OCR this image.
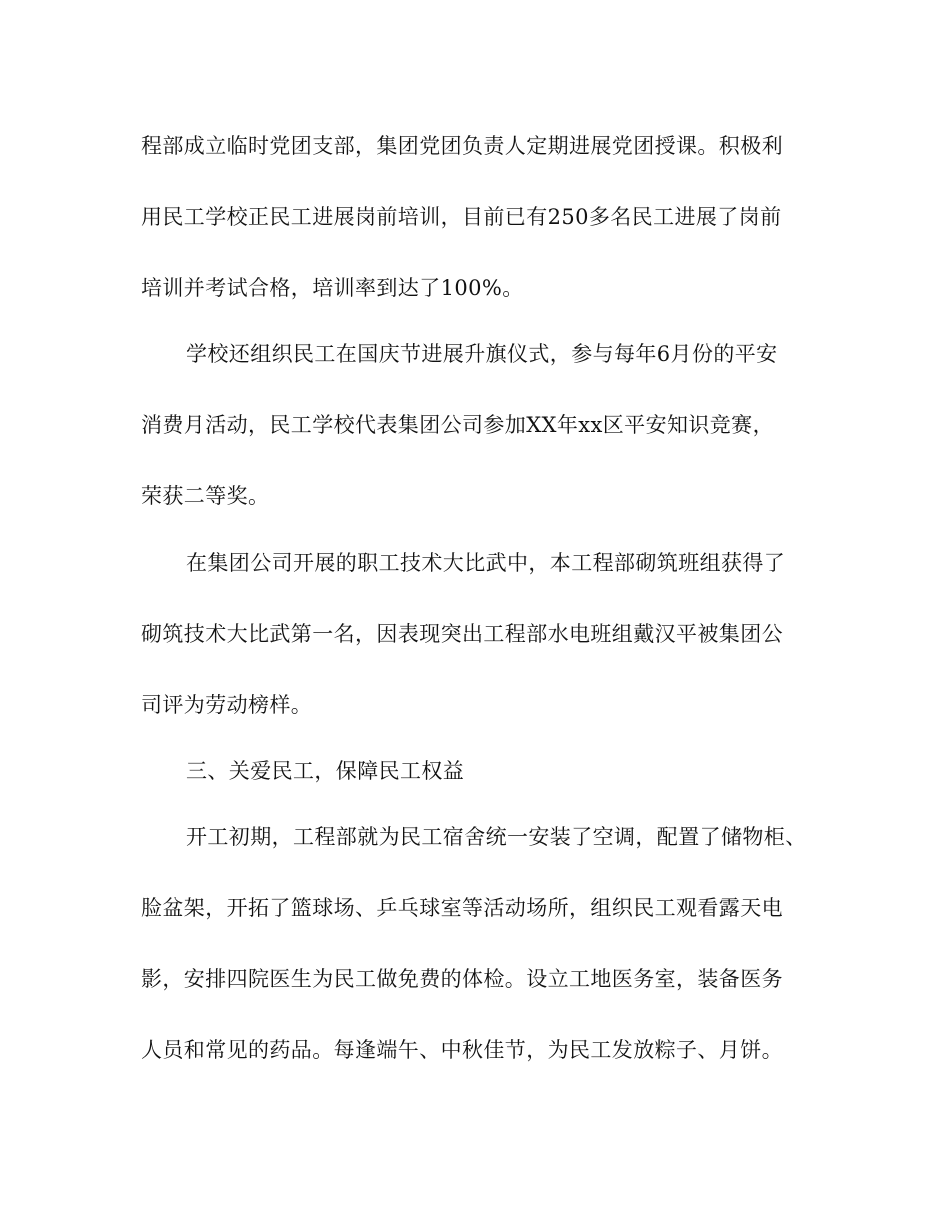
程部成立临时党团支部，集团党团负责人定期进展党团授课。积极利
用民工学校正民工进展岗前培训，目前已有250多名民工进展了岗前
培训并考试合格，培训率到达了100%。
学校还组织民工在国庆节进展升旗仪式，参与每年6月份的平安
消费月活动，民工学校代表集团公司参加XX年xx区平安知识竞赛，
荣获二等奖。
在集团公司开展的职工技术大比武中，本工程部砌筑班组获得了
砌筑技术大比武第一名，因表现突出工程部水电班组戴汉平被集团公
司评为劳动榜样。
三、关爱民工，保障民工权益
开工初期，工程部就为民工宿舍统一安装了空调，配置了储物柜、
脸盆架，开拓了篮球场、乒乓球室等活动场所，组织民工观看露天电
影，安排四院医生为民工做免费的体检。设立工地医务室，装备医务
人员和常见的药品。每逢端午、中秋佳节，为民工发放粽子、月饼。
